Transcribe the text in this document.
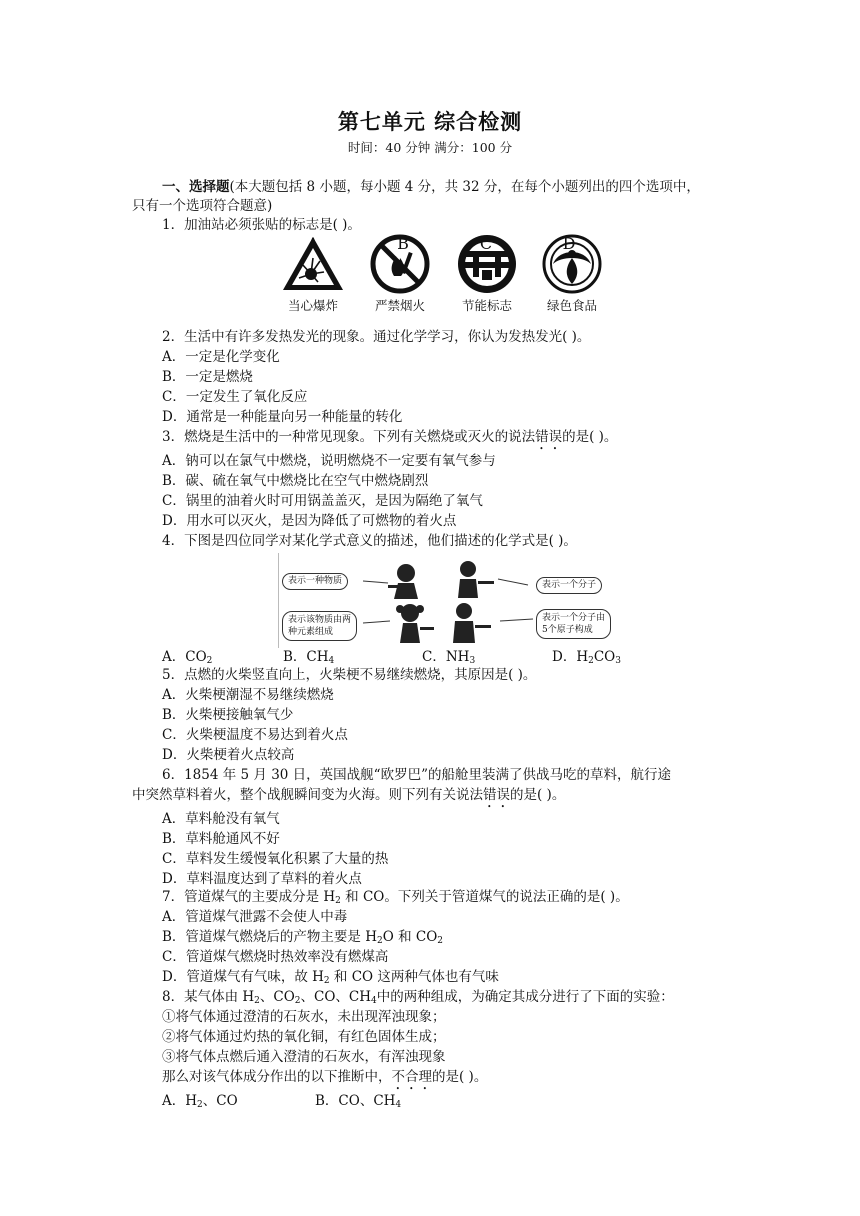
第七单元 综合检测
时间：40 分钟 满分：100 分
一、选择题(本大题包括 8 小题，每小题 4 分，共 32 分，在每个小题列出的四个选项中，
只有一个选项符合题意)
1．加油站必须张贴的标志是( )。
当心爆炸	严禁烟火	节能标志	绿色食品
A	B	C	D
2．生活中有许多发热发光的现象。通过化学学习，你认为发热发光( )。
A．一定是化学变化
B．一定是燃烧
C．一定发生了氧化反应
D．通常是一种能量向另一种能量的转化
3．燃烧是生活中的一种常见现象。下列有关燃烧或灭火的说法错误的是( )。
A．钠可以在氯气中燃烧，说明燃烧不一定要有氧气参与
B．碳、硫在氧气中燃烧比在空气中燃烧剧烈
C．锅里的油着火时可用锅盖盖灭，是因为隔绝了氧气
D．用水可以灭火，是因为降低了可燃物的着火点
4．下图是四位同学对某化学式意义的描述，他们描述的化学式是( )。
表示一种物质	表示一个分子
表示该物质由两
种元素组成
表示一个分子由
5个原子构成
A．$CO_2$	B．$CH_4$	C．$NH_3$	D．$H_2CO_3$
5．点燃的火柴竖直向上，火柴梗不易继续燃烧，其原因是( )。
A．火柴梗潮湿不易继续燃烧
B．火柴梗接触氧气少
C．火柴梗温度不易达到着火点
D．火柴梗着火点较高
6．1854 年 5 月 30 日，英国战舰“欧罗巴”的船舱里装满了供战马吃的草料，航行途
中突然草料着火，整个战舰瞬间变为火海。则下列有关说法错误的是( )。
A．草料舱没有氧气
B．草料舱通风不好
C．草料发生缓慢氧化积累了大量的热
D．草料温度达到了草料的着火点
7．管道煤气的主要成分是 $H_2$ 和 CO。下列关于管道煤气的说法正确的是( )。
A．管道煤气泄露不会使人中毒
B．管道煤气燃烧后的产物主要是 $H_2O$ 和 $CO_2$
C．管道煤气燃烧时热效率没有燃煤高
D．管道煤气有气味，故 $H_2$ 和 CO 这两种气体也有气味
8．某气体由 $H_2$、$CO_2$、CO、$CH_4$中的两种组成，为确定其成分进行了下面的实验：
①将气体通过澄清的石灰水，未出现浑浊现象；
②将气体通过灼热的氧化铜，有红色固体生成；
③将气体点燃后通入澄清的石灰水，有浑浊现象
那么对该气体成分作出的以下推断中，不合理的是( )。
A．$H_2$、CO	B．CO、$CH_4$
